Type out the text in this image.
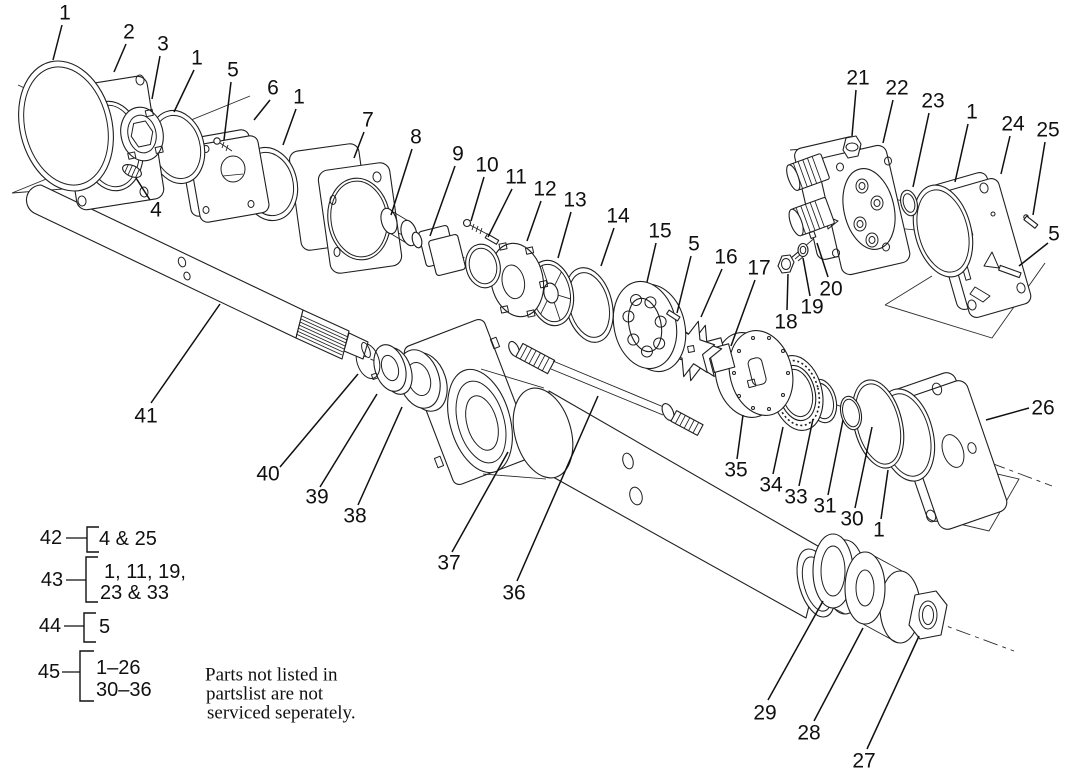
1
2
3
1
5
6 1
4
7
8
9 10
11
12 13
14
15
5
16 17
18
19
20
21 22
23 1
24 25
5
26
35
34
33 31
30 1
36
37
38
39
40
41
29
28
27
42 4 & 25
43 1, 11, 19,
23 & 33
44 5
45 1–26
30–36
Parts not listed in
partslist are not
serviced seperately.
